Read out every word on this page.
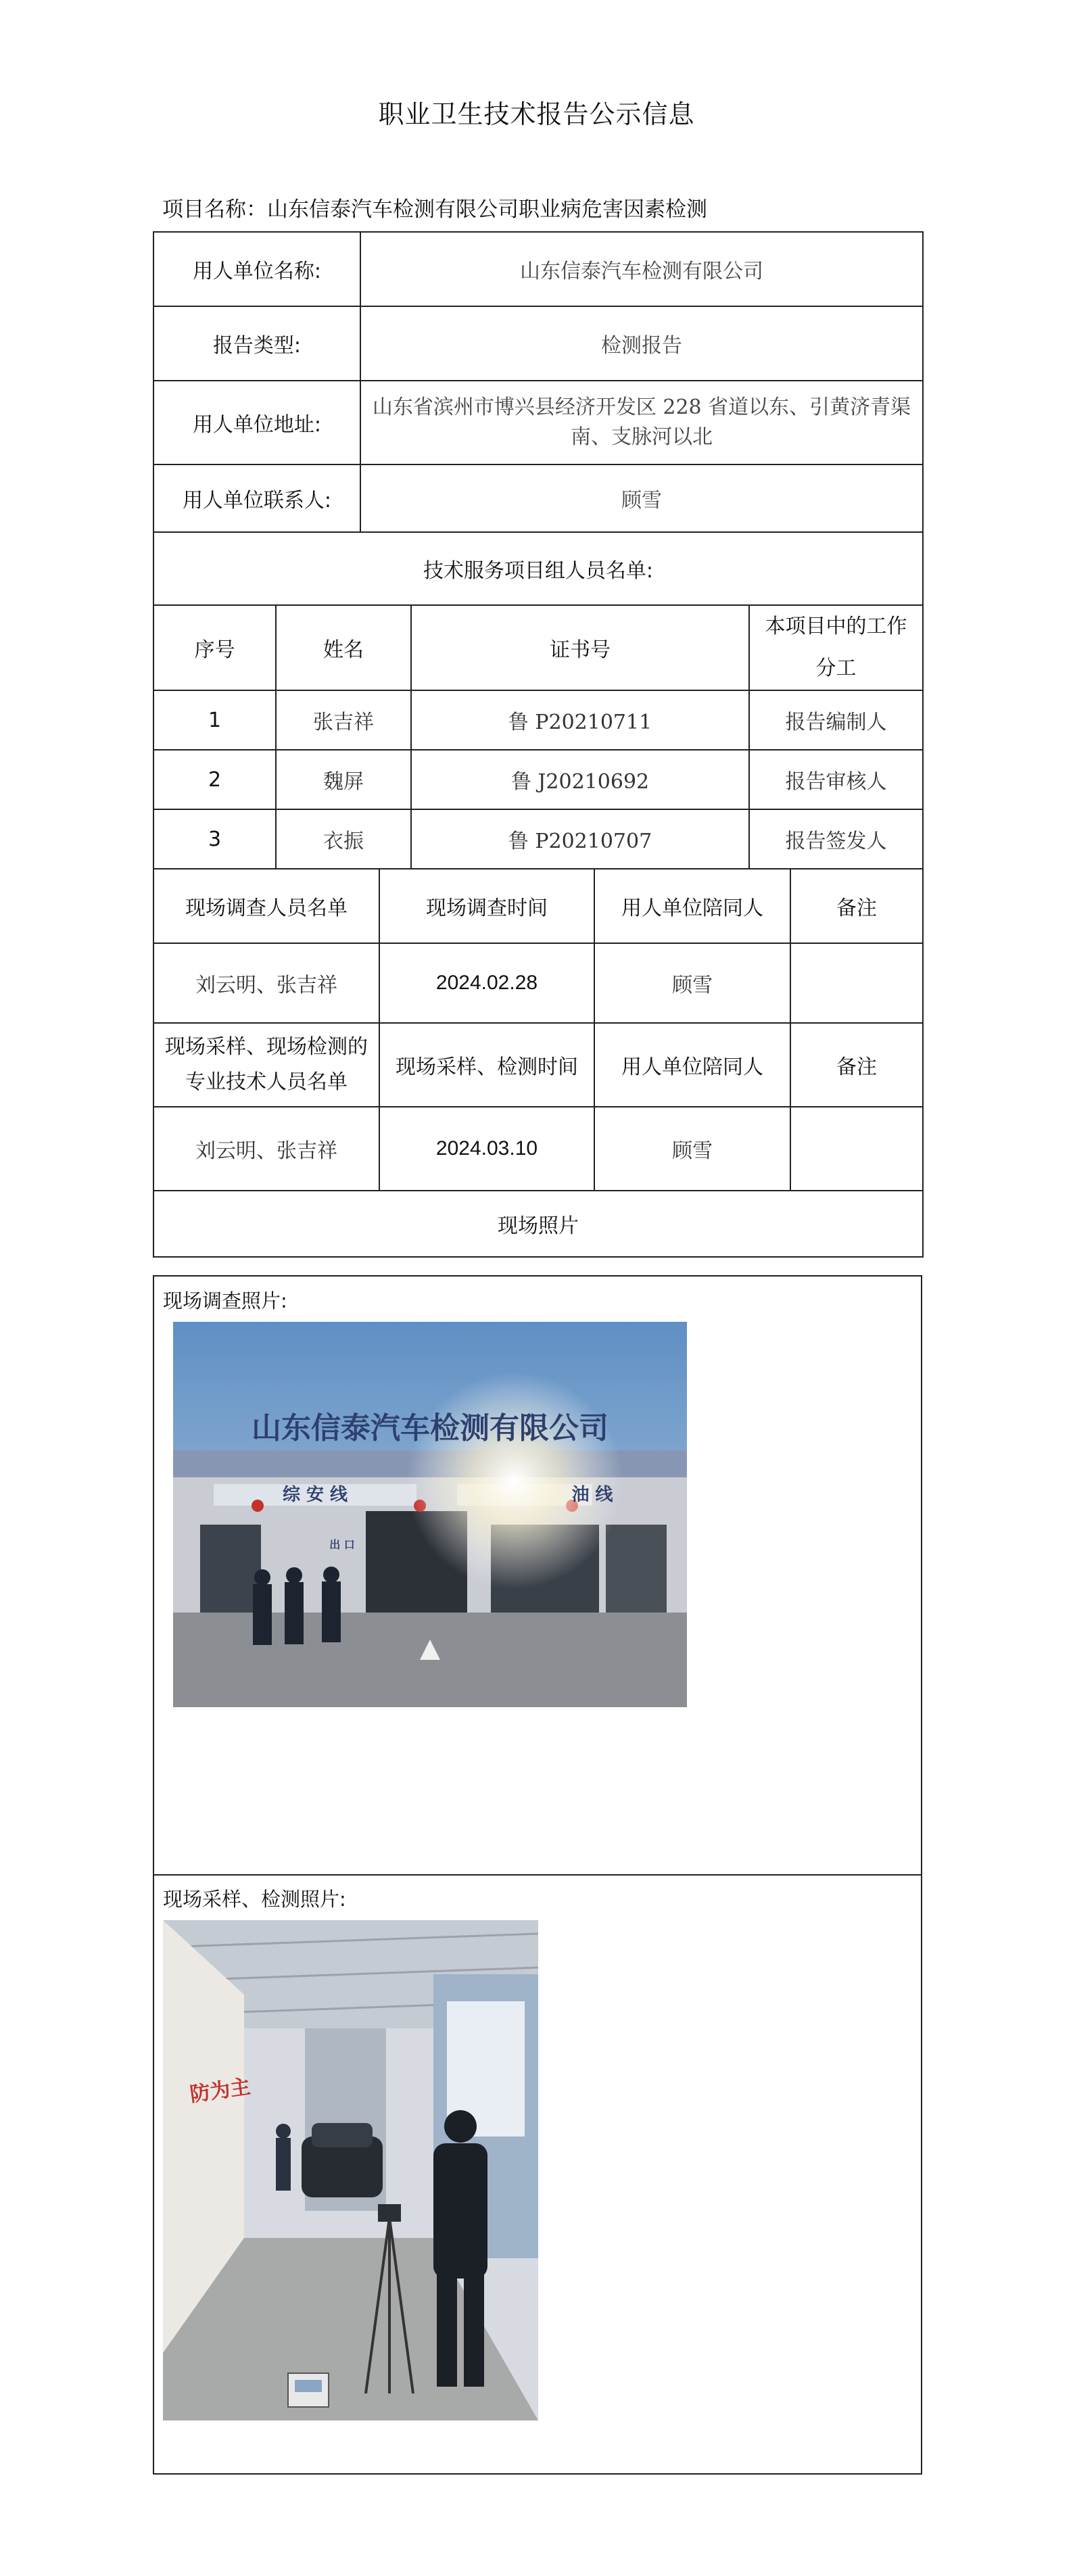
职业卫生技术报告公示信息
项目名称：山东信泰汽车检测有限公司职业病危害因素检测
用人单位名称:	山东信泰汽车检测有限公司
报告类型:	检测报告
用人单位地址:	山东省滨州市博兴县经济开发区 228 省道以东、引黄济青渠南、支脉河以北
用人单位联系人:	顾雪
技术服务项目组人员名单:	
序号	姓名	证书号	本项目中的工作分工
1	张吉祥	鲁 P20210711	报告编制人
2	魏屏	鲁 J20210692	报告审核人
3	衣振	鲁 P20210707	报告签发人
现场调查人员名单	现场调查时间	用人单位陪同人	备注
刘云明、张吉祥	2024.02.28	顾雪	
现场采样、现场检测的专业技术人员名单	现场采样、检测时间	用人单位陪同人	备注
刘云明、张吉祥	2024.03.10	顾雪	
现场照片			
现场调查照片:
现场采样、检测照片:
山东信泰汽车检测有限公司
综 安 线	油 线
出 口
防为主
